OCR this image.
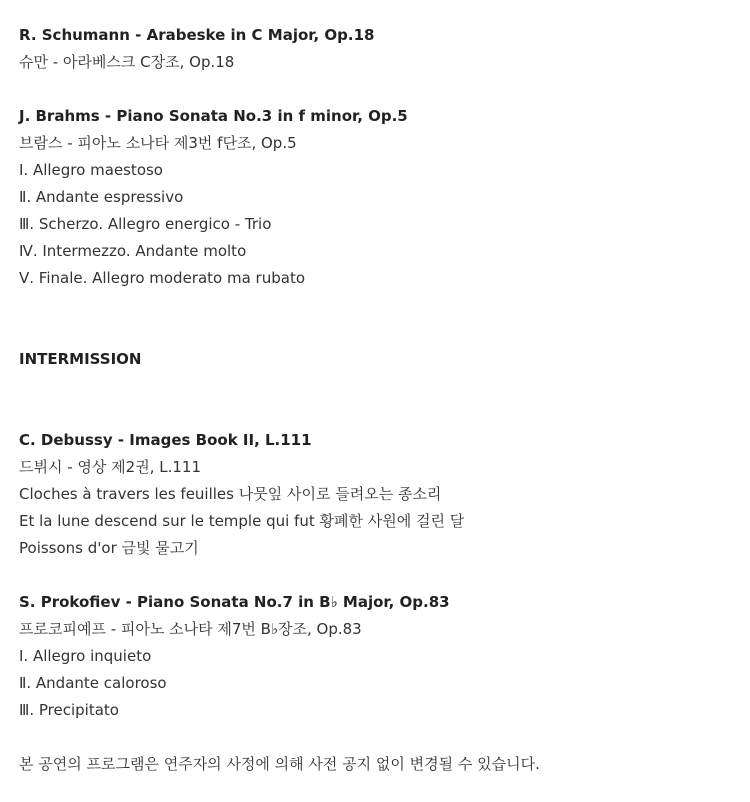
R. Schumann - Arabeske in C Major, Op.18
슈만 - 아라베스크 C장조, Op.18
J. Brahms - Piano Sonata No.3 in f minor, Op.5
브람스 - 피아노 소나타 제3번 f단조, Op.5
Ⅰ. Allegro maestoso
Ⅱ. Andante espressivo
Ⅲ. Scherzo. Allegro energico - Trio
Ⅳ. Intermezzo. Andante molto
Ⅴ. Finale. Allegro moderato ma rubato
INTERMISSION
C. Debussy - Images Book II, L.111
드뷔시 - 영상 제2권, L.111
Cloches à travers les feuilles 나뭇잎 사이로 들려오는 종소리
Et la lune descend sur le temple qui fut 황폐한 사원에 걸린 달
Poissons d'or 금빛 물고기
S. Prokofiev - Piano Sonata No.7 in B♭ Major, Op.83
프로코피예프 - 피아노 소나타 제7번 B♭장조, Op.83
Ⅰ. Allegro inquieto
Ⅱ. Andante caloroso
Ⅲ. Precipitato
본 공연의 프로그램은 연주자의 사정에 의해 사전 공지 없이 변경될 수 있습니다.
